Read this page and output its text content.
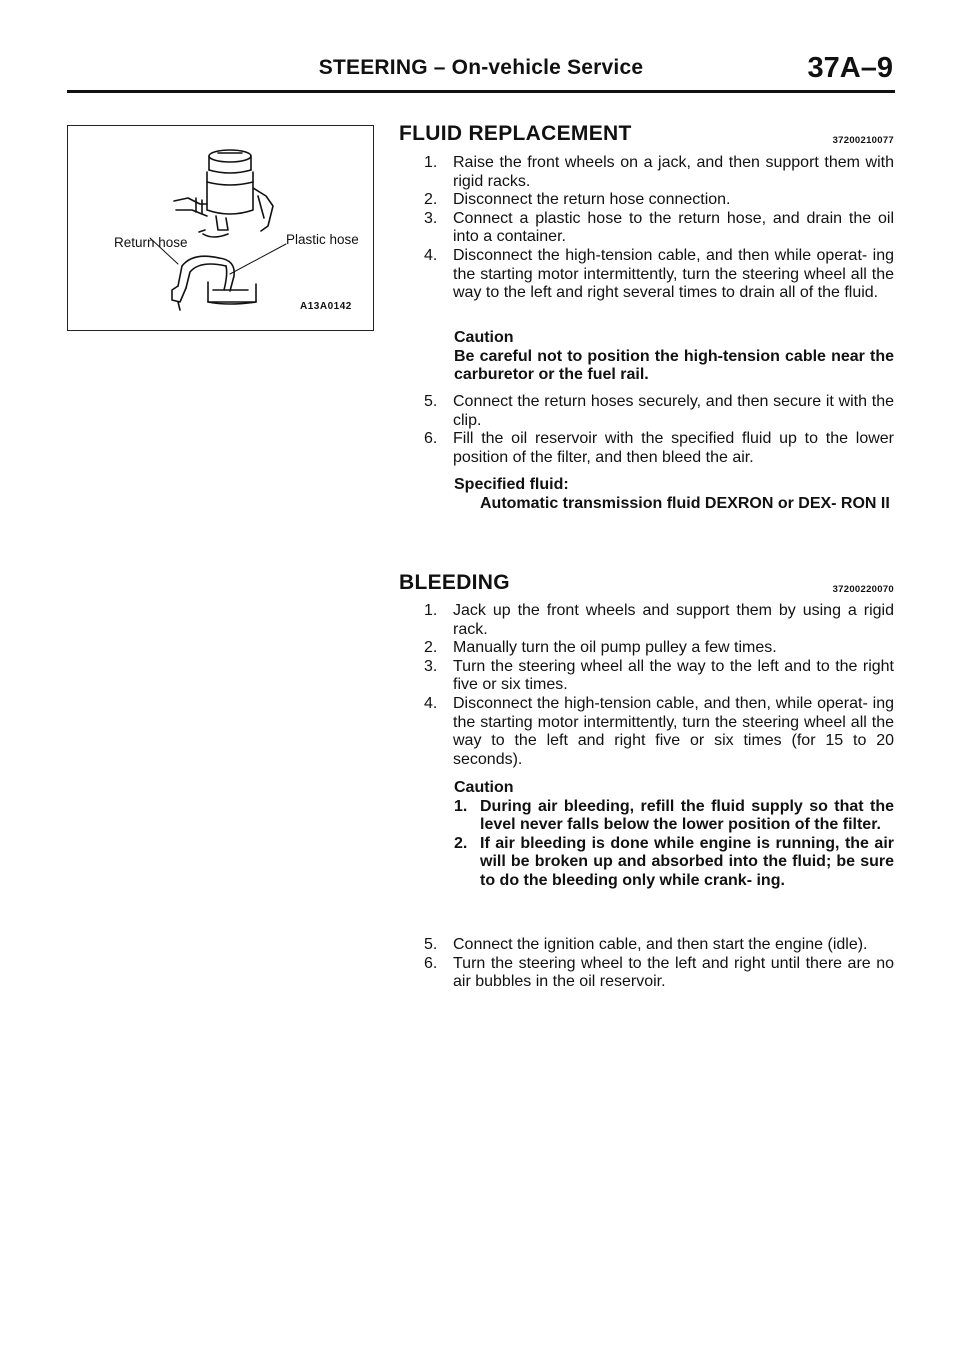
STEERING – On-vehicle Service	37A–9
Return hose	Plastic hose
A13A0142
FLUID REPLACEMENT	37200210077
1. Raise the front wheels on a jack, and then support them with rigid racks.
2. Disconnect the return hose connection.
3. Connect a plastic hose to the return hose, and drain the oil into a container.
4. Disconnect the high-tension cable, and then while operat- ing the starting motor intermittently, turn the steering wheel all the way to the left and right several times to drain all of the fluid.
Caution
Be careful not to position the high-tension cable near the carburetor or the fuel rail.
5. Connect the return hoses securely, and then secure it with the clip.
6. Fill the oil reservoir with the specified fluid up to the lower position of the filter, and then bleed the air.
Specified fluid:
Automatic transmission fluid DEXRON or DEX- RON II
BLEEDING	37200220070
1. Jack up the front wheels and support them by using a rigid rack.
2. Manually turn the oil pump pulley a few times.
3. Turn the steering wheel all the way to the left and to the right five or six times.
4. Disconnect the high-tension cable, and then, while operat- ing the starting motor intermittently, turn the steering wheel all the way to the left and right five or six times (for 15 to 20 seconds).
Caution
1. During air bleeding, refill the fluid supply so that the level never falls below the lower position of the filter.
2. If air bleeding is done while engine is running, the air will be broken up and absorbed into the fluid; be sure to do the bleeding only while crank- ing.
5. Connect the ignition cable, and then start the engine (idle).
6. Turn the steering wheel to the left and right until there are no air bubbles in the oil reservoir.
